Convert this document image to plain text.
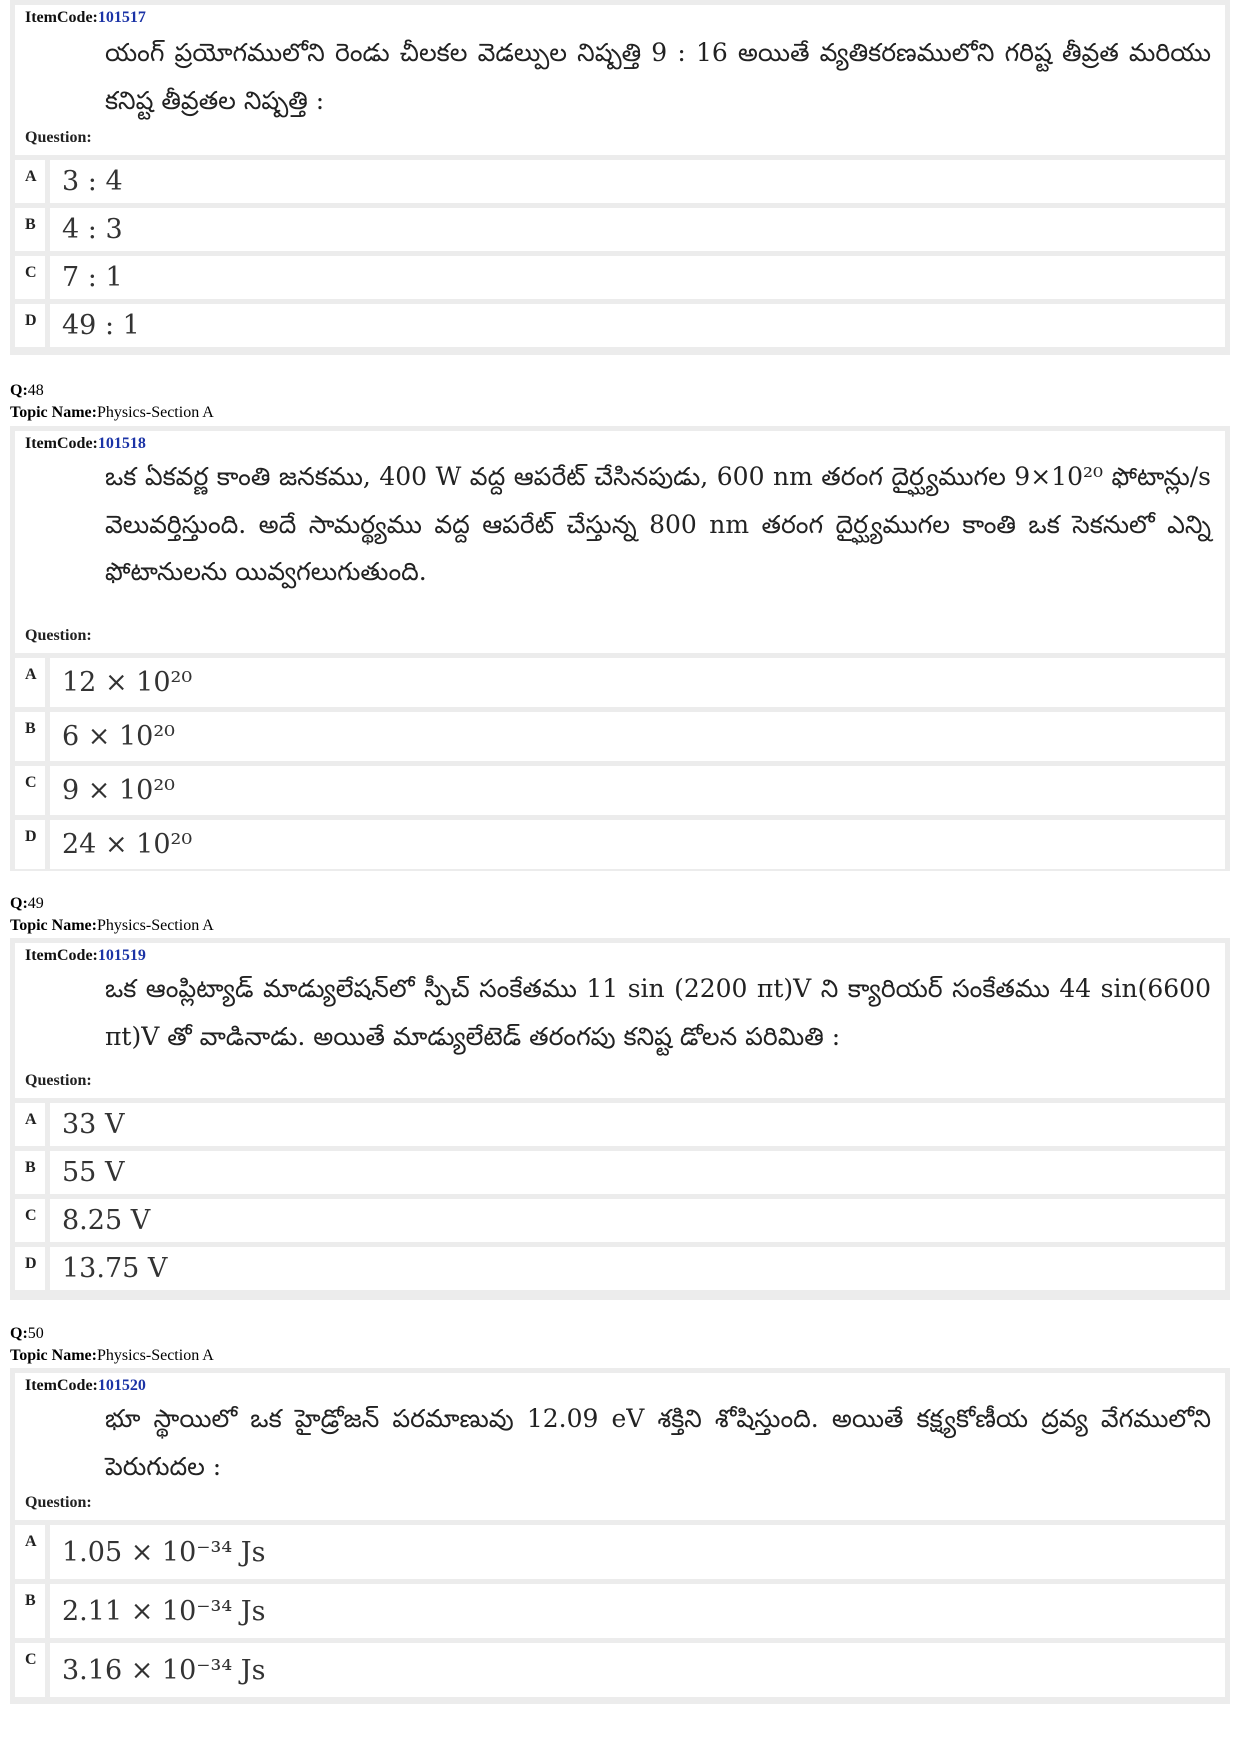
ItemCode:101517
యంగ్ ప్రయోగములోని రెండు చీలకల వెడల్పుల నిష్పత్తి 9 : 16 అయితే వ్యతికరణములోని గరిష్ట తీవ్రత మరియు కనిష్ట తీవ్రతల నిష్పత్తి :
Question:
A 3 : 4
B 4 : 3
C 7 : 1
D 49 : 1
Q:48
Topic Name:Physics-Section A
ItemCode:101518
ఒక ఏకవర్ణ కాంతి జనకము, 400 W వద్ద ఆపరేట్ చేసినపుడు, 600 nm తరంగ దైర్ఘ్యముగల 9×10²⁰ ఫోటాన్లు/s వెలువర్తిస్తుంది. అదే సామర్థ్యము వద్ద ఆపరేట్ చేస్తున్న 800 nm తరంగ దైర్ఘ్యముగల కాంతి ఒక సెకనులో ఎన్ని ఫోటానులను యివ్వగలుగుతుంది.
Question:
A 12 × 10²⁰
B 6 × 10²⁰
C 9 × 10²⁰
D 24 × 10²⁰
Q:49
Topic Name:Physics-Section A
ItemCode:101519
ఒక ఆంప్లిట్యాడ్ మాడ్యులేషన్‌లో స్పీచ్ సంకేతము 11 sin (2200 πt)V ని క్యారియర్ సంకేతము 44 sin(6600 πt)V తో వాడినాడు. అయితే మాడ్యులేటెడ్ తరంగపు కనిష్ట డోలన పరిమితి :
Question:
A 33 V
B 55 V
C 8.25 V
D 13.75 V
Q:50
Topic Name:Physics-Section A
ItemCode:101520
భూ స్థాయిలో ఒక హైడ్రోజన్ పరమాణువు 12.09 eV శక్తిని శోషిస్తుంది. అయితే కక్ష్యకోణీయ ద్రవ్య వేగములోని పెరుగుదల :
Question:
A 1.05 × 10⁻³⁴ Js
B 2.11 × 10⁻³⁴ Js
C 3.16 × 10⁻³⁴ Js
